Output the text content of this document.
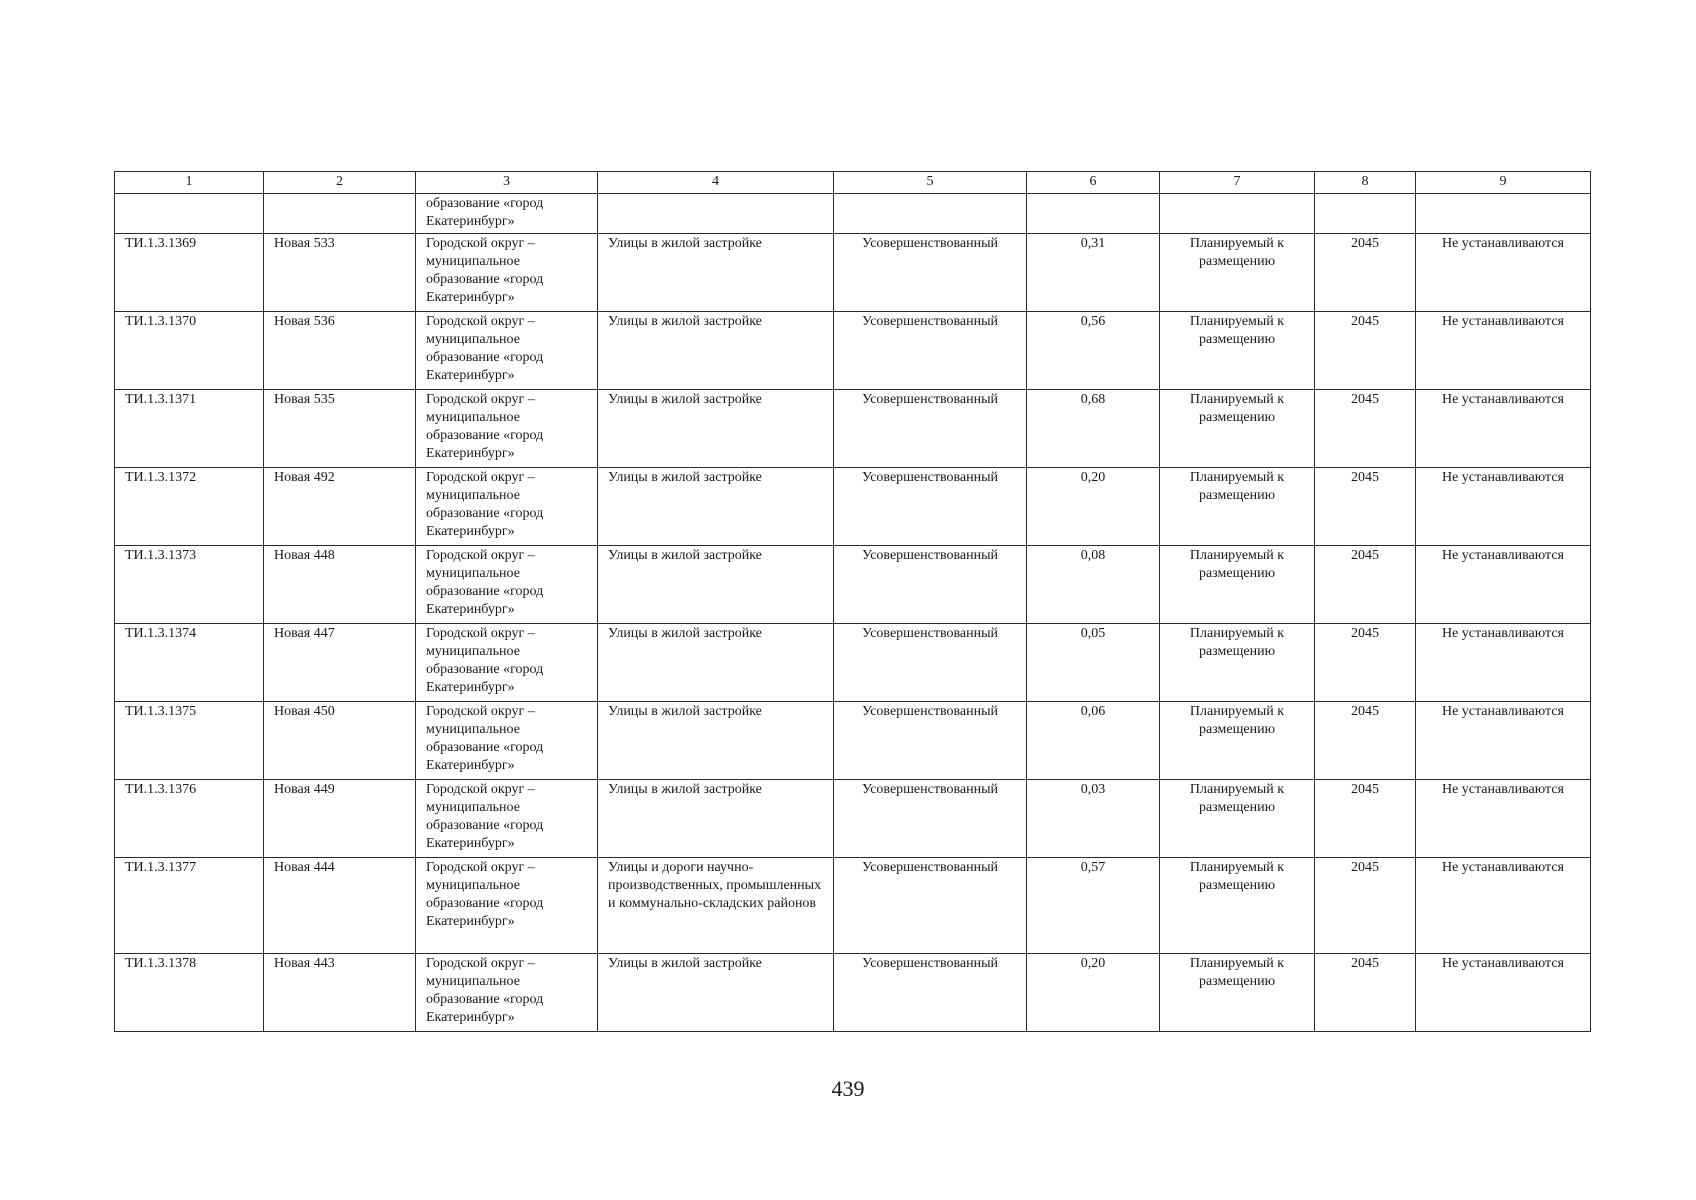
1	2	3	4	5	6	7	8	9
		образование «город Екатеринбург»						
ТИ.1.3.1369	Новая 533	Городской округ – муниципальное образование «город Екатеринбург»	Улицы в жилой застройке	Усовершенствованный	0,31	Планируемый к размещению	2045	Не устанавливаются
ТИ.1.3.1370	Новая 536	Городской округ – муниципальное образование «город Екатеринбург»	Улицы в жилой застройке	Усовершенствованный	0,56	Планируемый к размещению	2045	Не устанавливаются
ТИ.1.3.1371	Новая 535	Городской округ – муниципальное образование «город Екатеринбург»	Улицы в жилой застройке	Усовершенствованный	0,68	Планируемый к размещению	2045	Не устанавливаются
ТИ.1.3.1372	Новая 492	Городской округ – муниципальное образование «город Екатеринбург»	Улицы в жилой застройке	Усовершенствованный	0,20	Планируемый к размещению	2045	Не устанавливаются
ТИ.1.3.1373	Новая 448	Городской округ – муниципальное образование «город Екатеринбург»	Улицы в жилой застройке	Усовершенствованный	0,08	Планируемый к размещению	2045	Не устанавливаются
ТИ.1.3.1374	Новая 447	Городской округ – муниципальное образование «город Екатеринбург»	Улицы в жилой застройке	Усовершенствованный	0,05	Планируемый к размещению	2045	Не устанавливаются
ТИ.1.3.1375	Новая 450	Городской округ – муниципальное образование «город Екатеринбург»	Улицы в жилой застройке	Усовершенствованный	0,06	Планируемый к размещению	2045	Не устанавливаются
ТИ.1.3.1376	Новая 449	Городской округ – муниципальное образование «город Екатеринбург»	Улицы в жилой застройке	Усовершенствованный	0,03	Планируемый к размещению	2045	Не устанавливаются
ТИ.1.3.1377	Новая 444	Городской округ – муниципальное образование «город Екатеринбург»	Улицы и дороги научно-производственных, промышленных и коммунально-складских районов	Усовершенствованный	0,57	Планируемый к размещению	2045	Не устанавливаются
ТИ.1.3.1378	Новая 443	Городской округ – муниципальное образование «город Екатеринбург»	Улицы в жилой застройке	Усовершенствованный	0,20	Планируемый к размещению	2045	Не устанавливаются
439
